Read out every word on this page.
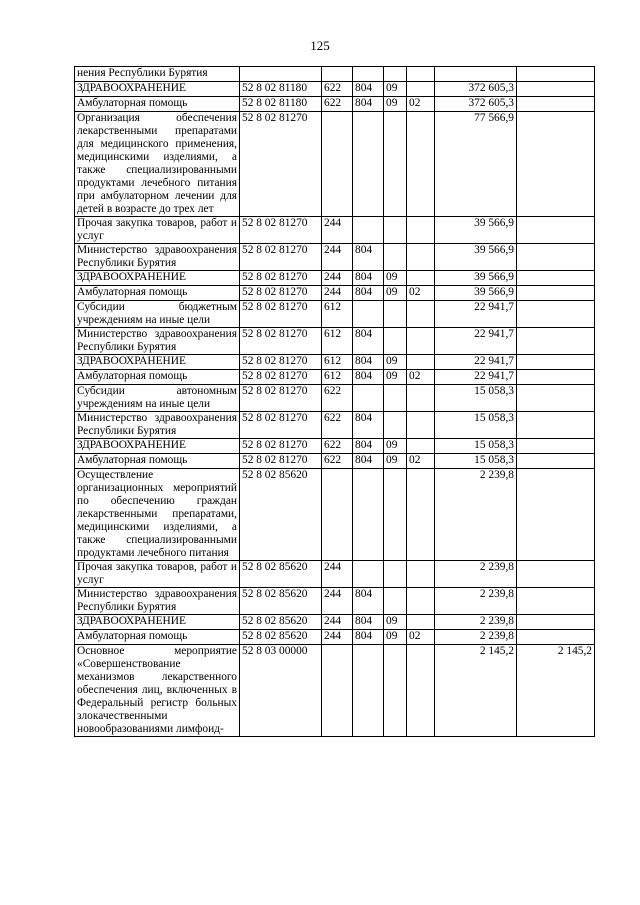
125
нения Республики Бурятия							
ЗДРАВООХРАНЕНИЕ	52 8 02 81180	622	804	09		372 605,3	
Амбулаторная помощь	52 8 02 81180	622	804	09	02	372 605,3	
Организация обеспечения лекарственными препаратами для медицинского применения, медицинскими изделиями, а также специализированными продуктами лечебного питания при амбулаторном лечении для детей в возрасте до трех лет	52 8 02 81270					77 566,9	
Прочая закупка товаров, работ и услуг	52 8 02 81270	244				39 566,9	
Министерство здравоохранения Республики Бурятия	52 8 02 81270	244	804			39 566,9	
ЗДРАВООХРАНЕНИЕ	52 8 02 81270	244	804	09		39 566,9	
Амбулаторная помощь	52 8 02 81270	244	804	09	02	39 566,9	
Субсидии бюджетным учреждениям на иные цели	52 8 02 81270	612				22 941,7	
Министерство здравоохранения Республики Бурятия	52 8 02 81270	612	804			22 941,7	
ЗДРАВООХРАНЕНИЕ	52 8 02 81270	612	804	09		22 941,7	
Амбулаторная помощь	52 8 02 81270	612	804	09	02	22 941,7	
Субсидии автономным учреждениям на иные цели	52 8 02 81270	622				15 058,3	
Министерство здравоохранения Республики Бурятия	52 8 02 81270	622	804			15 058,3	
ЗДРАВООХРАНЕНИЕ	52 8 02 81270	622	804	09		15 058,3	
Амбулаторная помощь	52 8 02 81270	622	804	09	02	15 058,3	
Осуществление организационных мероприятий по обеспечению граждан лекарственными препаратами, медицинскими изделиями, а также специализированными продуктами лечебного питания	52 8 02 85620					2 239,8	
Прочая закупка товаров, работ и услуг	52 8 02 85620	244				2 239,8	
Министерство здравоохранения Республики Бурятия	52 8 02 85620	244	804			2 239,8	
ЗДРАВООХРАНЕНИЕ	52 8 02 85620	244	804	09		2 239,8	
Амбулаторная помощь	52 8 02 85620	244	804	09	02	2 239,8	
Основное мероприятие «Совершенствование механизмов лекарственного обеспечения лиц, включенных в Федеральный регистр больных злокачественными новообразованиями лимфоид-	52 8 03 00000					2 145,2	2 145,2
